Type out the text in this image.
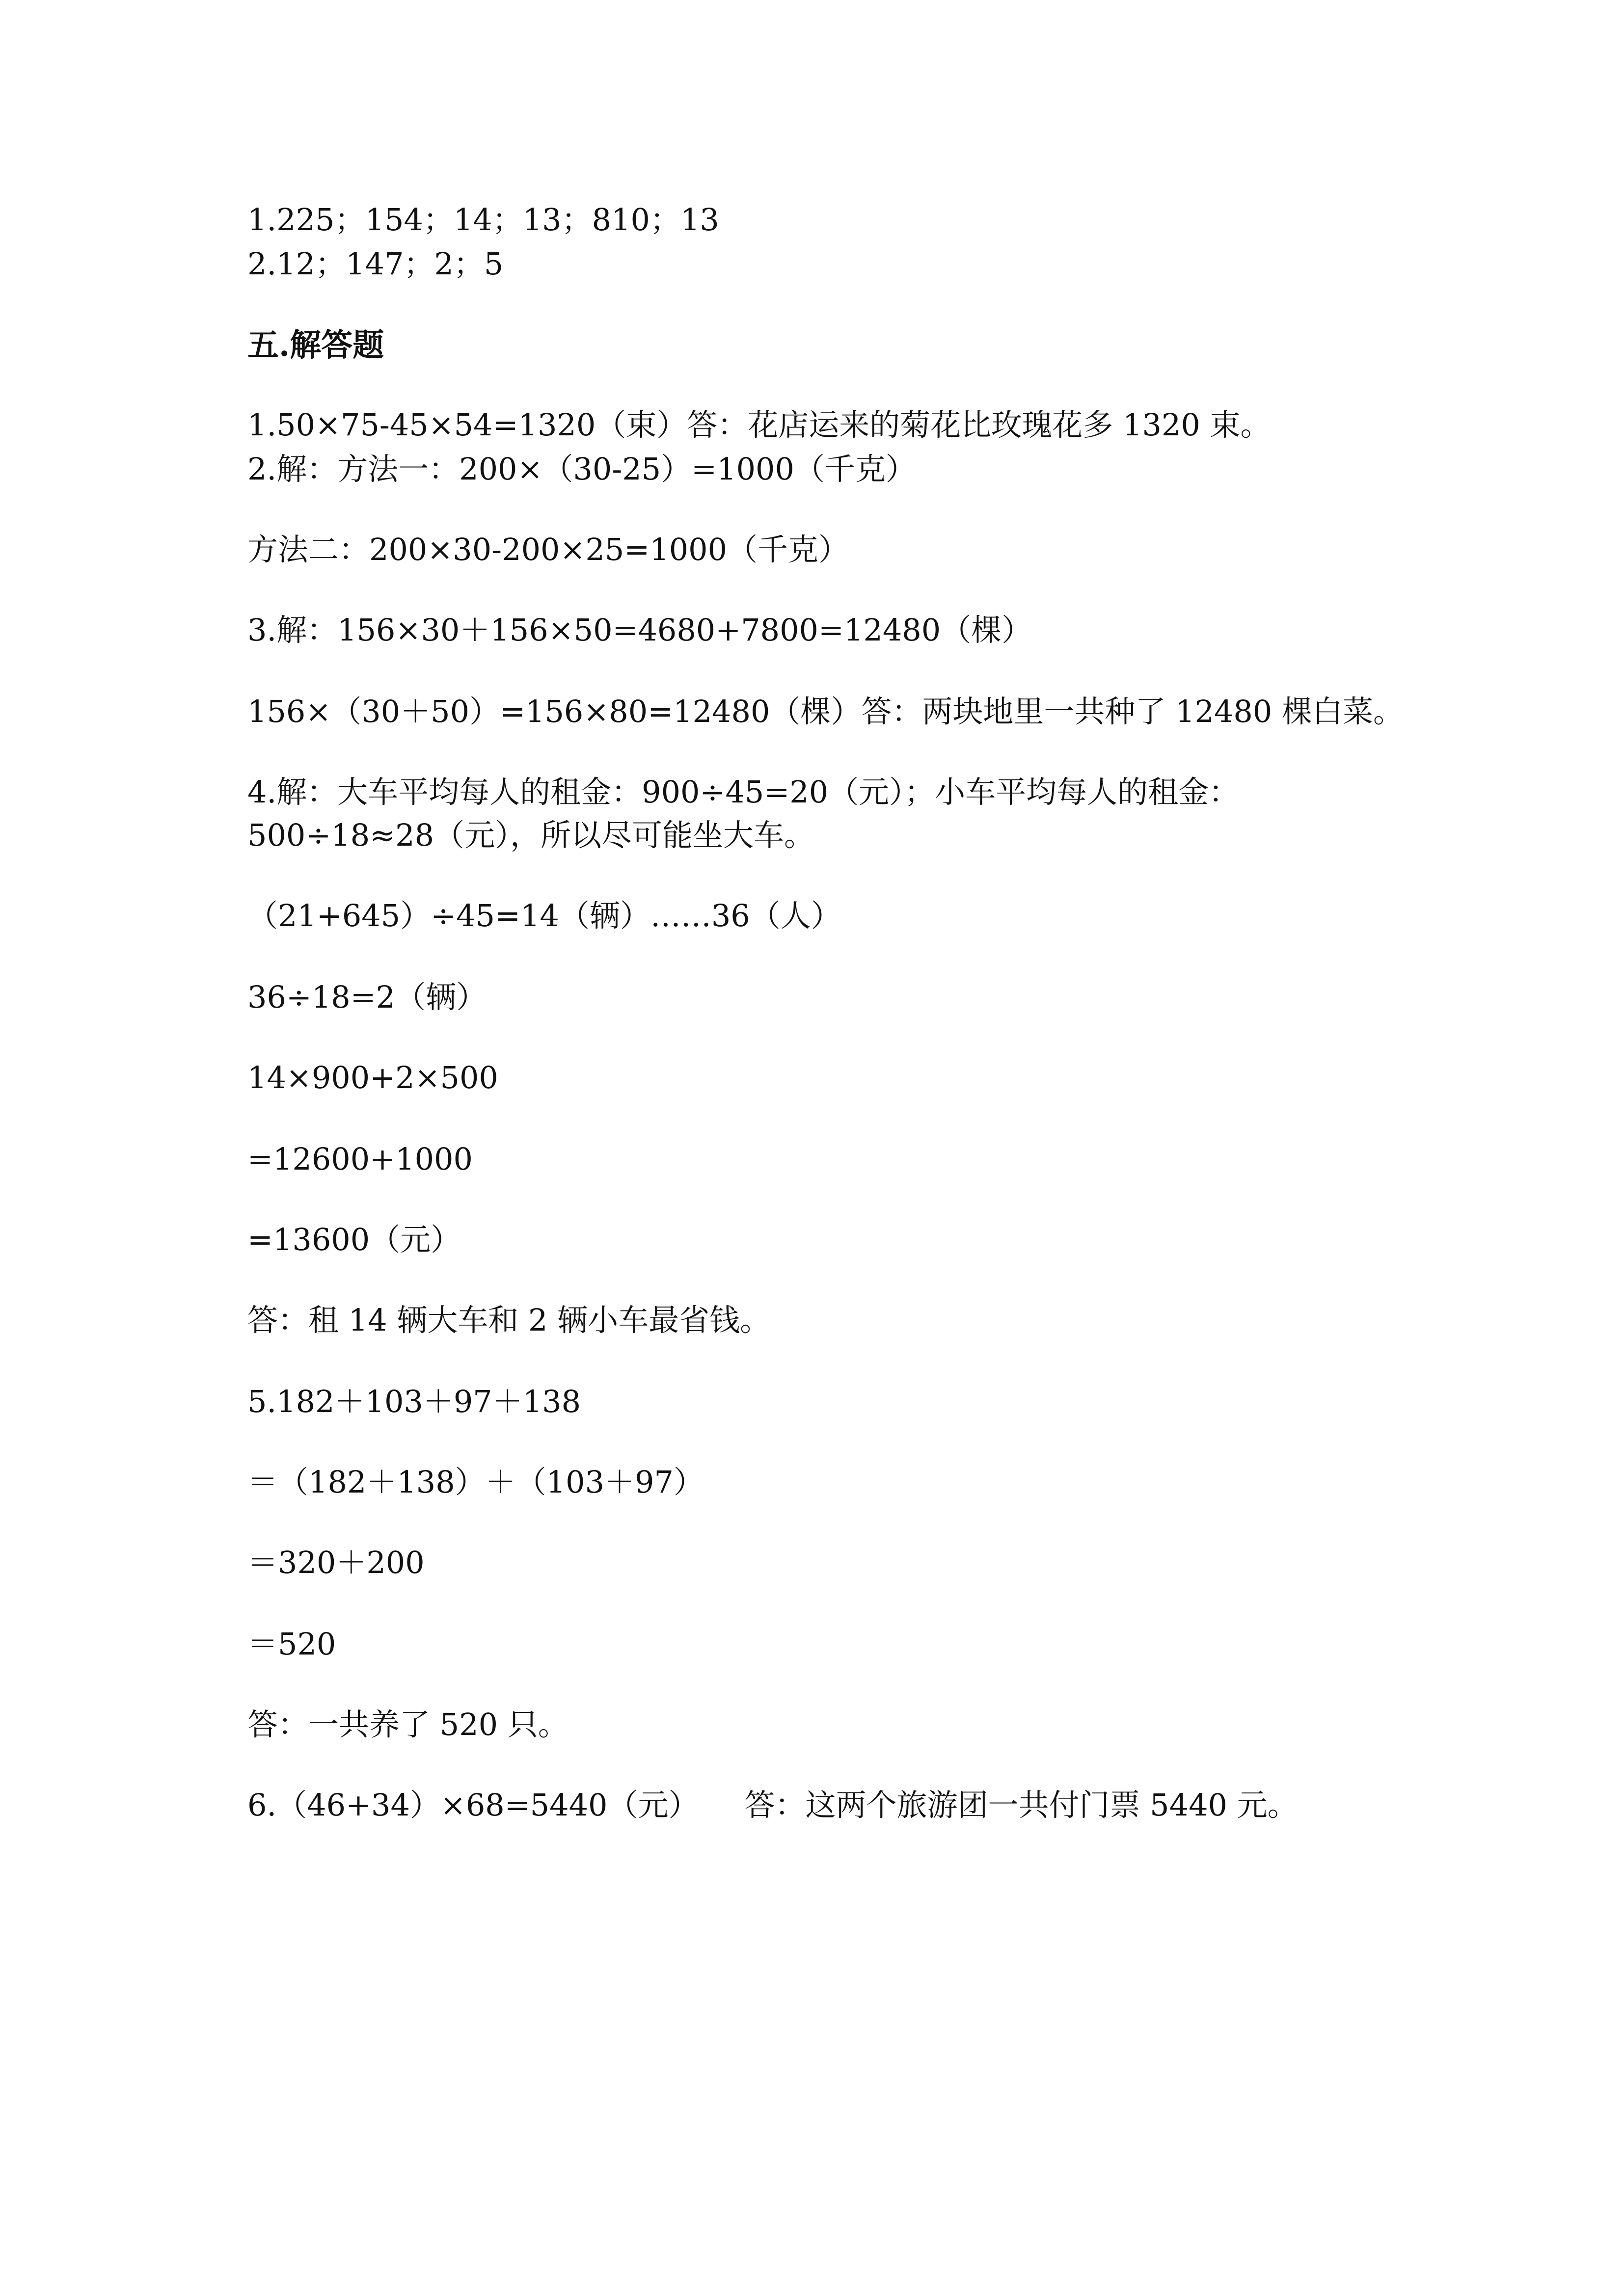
1.225；154；14；13；810；13
2.12；147；2；5
五.解答题
1.50×75-45×54=1320（束）答：花店运来的菊花比玫瑰花多 1320 束。
2.解：方法一：200×（30-25）=1000（千克）
方法二：200×30-200×25=1000（千克）
3.解：156×30＋156×50=4680+7800=12480（棵）
156×（30＋50）=156×80=12480（棵）答：两块地里一共种了 12480 棵白菜。
4.解：大车平均每人的租金：900÷45=20（元）；小车平均每人的租金：
500÷18≈28（元），所以尽可能坐大车。
（21+645）÷45=14（辆）……36（人）
36÷18=2（辆）
14×900+2×500
=12600+1000
=13600（元）
答：租 14 辆大车和 2 辆小车最省钱。
5.182＋103＋97＋138
＝（182＋138）＋（103＋97）
＝320＋200
＝520
答：一共养了 520 只。
6.（46+34）×68=5440（元）　　答：这两个旅游团一共付门票 5440 元。
